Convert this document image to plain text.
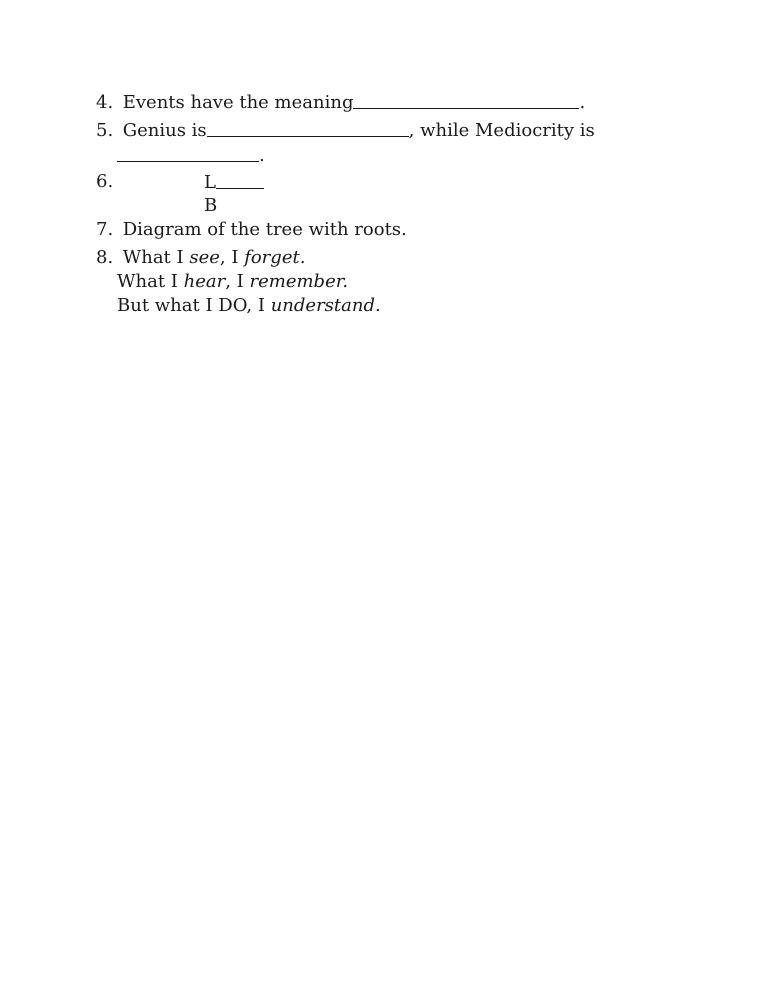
4. Events have the meaning	.
5. Genius is	, while Mediocrity is
.
6.	L
B
7. Diagram of the tree with roots.
8. What I see, I forget.
What I hear, I remember.
But what I DO, I understand.
